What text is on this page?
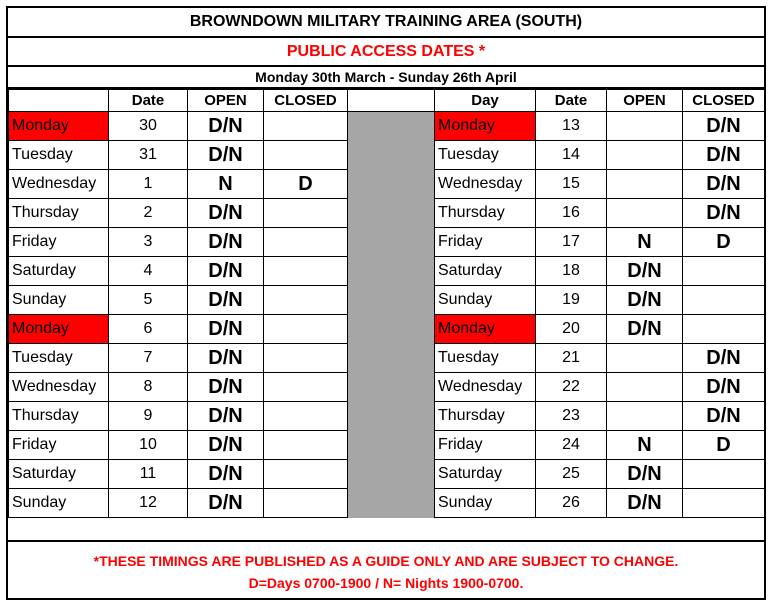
BROWNDOWN MILITARY TRAINING AREA (SOUTH)
PUBLIC ACCESS DATES *
Monday 30th March - Sunday 26th April
	Date	OPEN	CLOSED		Day	Date	OPEN	CLOSED
Monday	30	D/N			Monday	13		D/N
Tuesday	31	D/N			Tuesday	14		D/N
Wednesday	1	N	D		Wednesday	15		D/N
Thursday	2	D/N			Thursday	16		D/N
Friday	3	D/N			Friday	17	N	D
Saturday	4	D/N			Saturday	18	D/N	
Sunday	5	D/N			Sunday	19	D/N	
Monday	6	D/N			Monday	20	D/N	
Tuesday	7	D/N			Tuesday	21		D/N
Wednesday	8	D/N			Wednesday	22		D/N
Thursday	9	D/N			Thursday	23		D/N
Friday	10	D/N			Friday	24	N	D
Saturday	11	D/N			Saturday	25	D/N	
Sunday	12	D/N			Sunday	26	D/N	
*THESE TIMINGS ARE PUBLISHED AS A GUIDE ONLY AND ARE SUBJECT TO CHANGE.
D=Days 0700-1900 / N= Nights 1900-0700.
